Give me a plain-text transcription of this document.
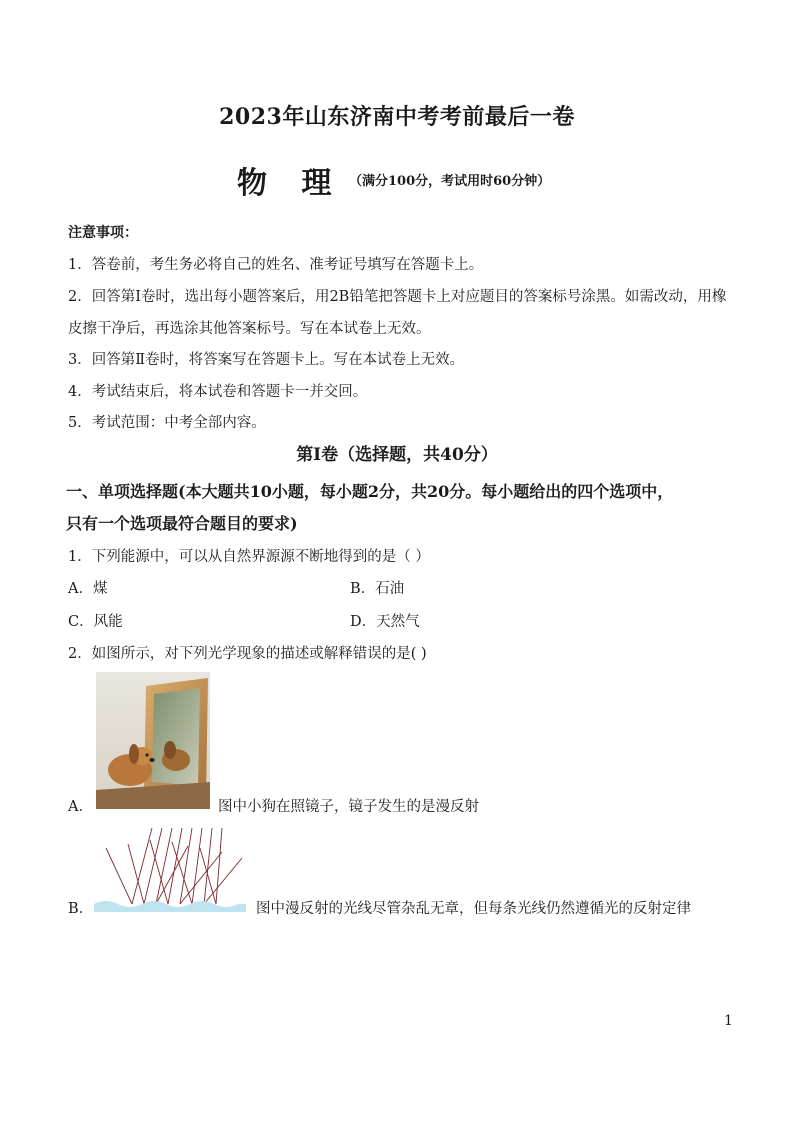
2023年山东济南中考考前最后一卷
物 理 （满分100分，考试用时60分钟）
注意事项：
1．答卷前，考生务必将自己的姓名、准考证号填写在答题卡上。
2．回答第Ⅰ卷时，选出每小题答案后，用2B铅笔把答题卡上对应题目的答案标号涂黑。如需改动，用橡
皮擦干净后，再选涂其他答案标号。写在本试卷上无效。
3．回答第Ⅱ卷时，将答案写在答题卡上。写在本试卷上无效。
4．考试结束后，将本试卷和答题卡一并交回。
5．考试范围：中考全部内容。
第Ⅰ卷（选择题，共40分）
一、单项选择题(本大题共10小题，每小题2分，共20分。每小题给出的四个选项中，
只有一个选项最符合题目的要求)
1．下列能源中，可以从自然界源源不断地得到的是（ ）
A．煤	B．石油
C．风能	D．天然气
2．如图所示，对下列光学现象的描述或解释错误的是( )
A．	图中小狗在照镜子，镜子发生的是漫反射
B．	图中漫反射的光线尽管杂乱无章，但每条光线仍然遵循光的反射定律
1
